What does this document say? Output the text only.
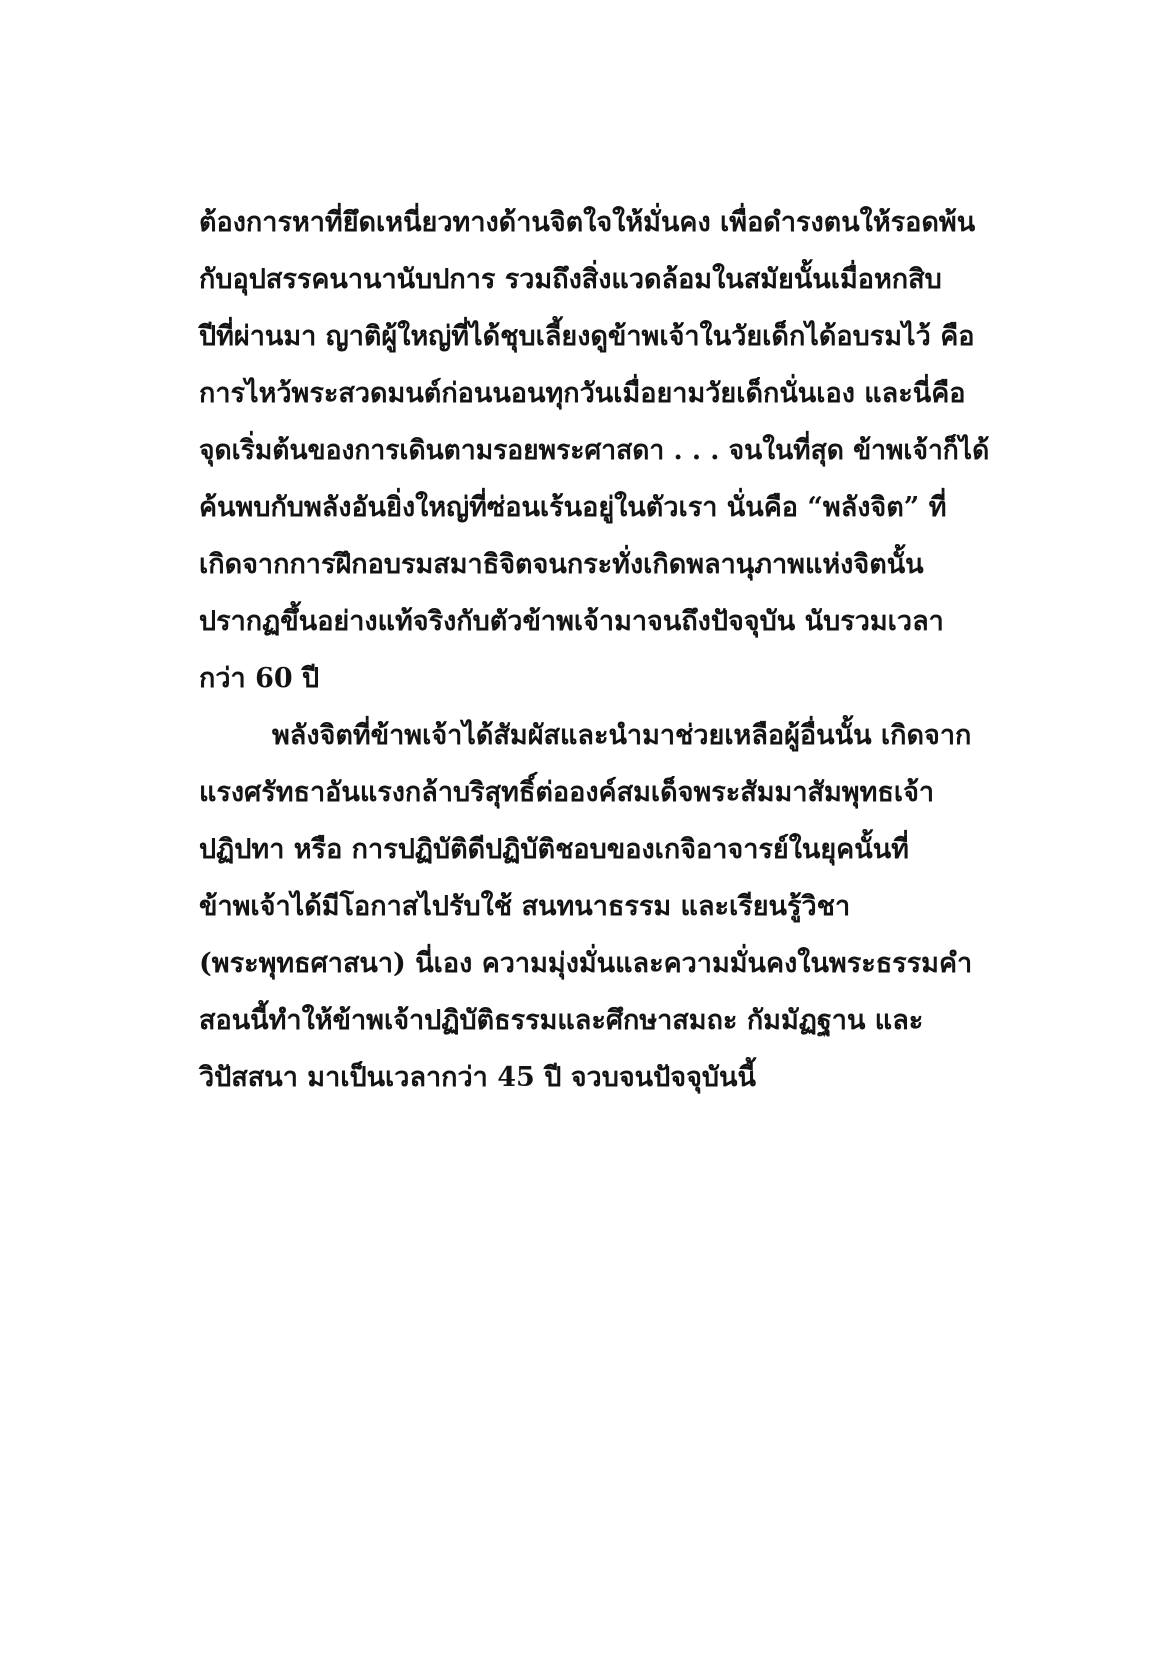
ต้องการหาที่ยึดเหนี่ยวทางด้านจิตใจให้มั่นคง เพื่อดำรงตนให้รอดพ้น
กับอุปสรรคนานานับปการ รวมถึงสิ่งแวดล้อมในสมัยนั้นเมื่อหกสิบ
ปีที่ผ่านมา ญาติผู้ใหญ่ที่ได้ชุบเลี้ยงดูข้าพเจ้าในวัยเด็กได้อบรมไว้ คือ
การไหว้พระสวดมนต์ก่อนนอนทุกวันเมื่อยามวัยเด็กนั่นเอง และนี่คือ
จุดเริ่มต้นของการเดินตามรอยพระศาสดา . . . จนในที่สุด ข้าพเจ้าก็ได้
ค้นพบกับพลังอันยิ่งใหญ่ที่ซ่อนเร้นอยู่ในตัวเรา นั่นคือ “พลังจิต” ที่
เกิดจากการฝึกอบรมสมาธิจิตจนกระทั่งเกิดพลานุภาพแห่งจิตนั้น
ปรากฏขึ้นอย่างแท้จริงกับตัวข้าพเจ้ามาจนถึงปัจจุบัน นับรวมเวลา
กว่า 60 ปี
พลังจิตที่ข้าพเจ้าได้สัมผัสและนำมาช่วยเหลือผู้อื่นนั้น เกิดจาก
แรงศรัทธาอันแรงกล้าบริสุทธิ์ต่อองค์สมเด็จพระสัมมาสัมพุทธเจ้า
ปฏิปทา หรือ การปฏิบัติดีปฏิบัติชอบของเกจิอาจารย์ในยุคนั้นที่
ข้าพเจ้าได้มีโอกาสไปรับใช้ สนทนาธรรม และเรียนรู้วิชา
(พระพุทธศาสนา) นี่เอง ความมุ่งมั่นและความมั่นคงในพระธรรมคำ
สอนนี้ทำให้ข้าพเจ้าปฏิบัติธรรมและศึกษาสมถะ กัมมัฏฐาน และ
วิปัสสนา มาเป็นเวลากว่า 45 ปี จวบจนปัจจุบันนี้
